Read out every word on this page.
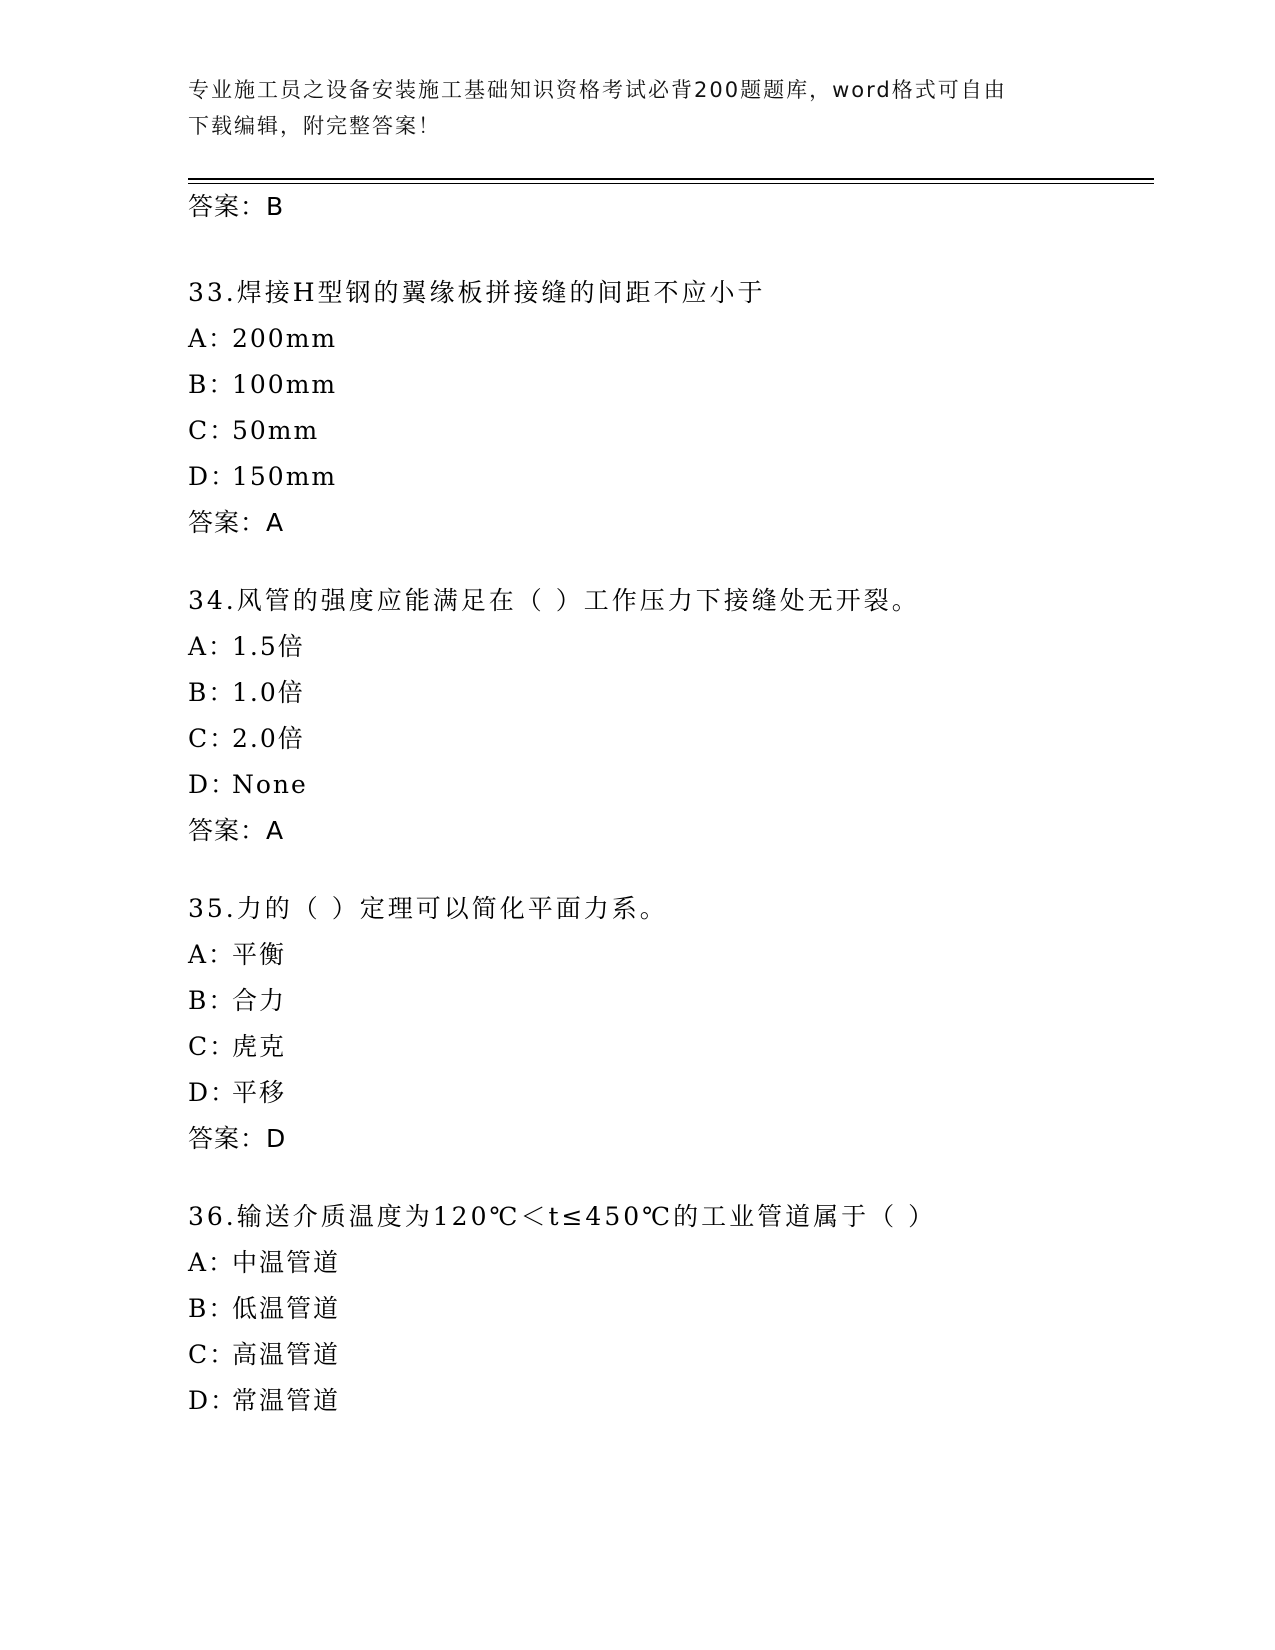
专业施工员之设备安装施工基础知识资格考试必背200题题库，word格式可自由
下载编辑，附完整答案！
答案：B
33.焊接H型钢的翼缘板拼接缝的间距不应小于
A：200mm
B：100mm
C：50mm
D：150mm
答案：A
34.风管的强度应能满足在（ ）工作压力下接缝处无开裂。
A：1.5倍
B：1.0倍
C：2.0倍
D：None
答案：A
35.力的（ ）定理可以简化平面力系。
A：平衡
B：合力
C：虎克
D：平移
答案：D
36.输送介质温度为120℃＜t≤450℃的工业管道属于（ ）
A：中温管道
B：低温管道
C：高温管道
D：常温管道
